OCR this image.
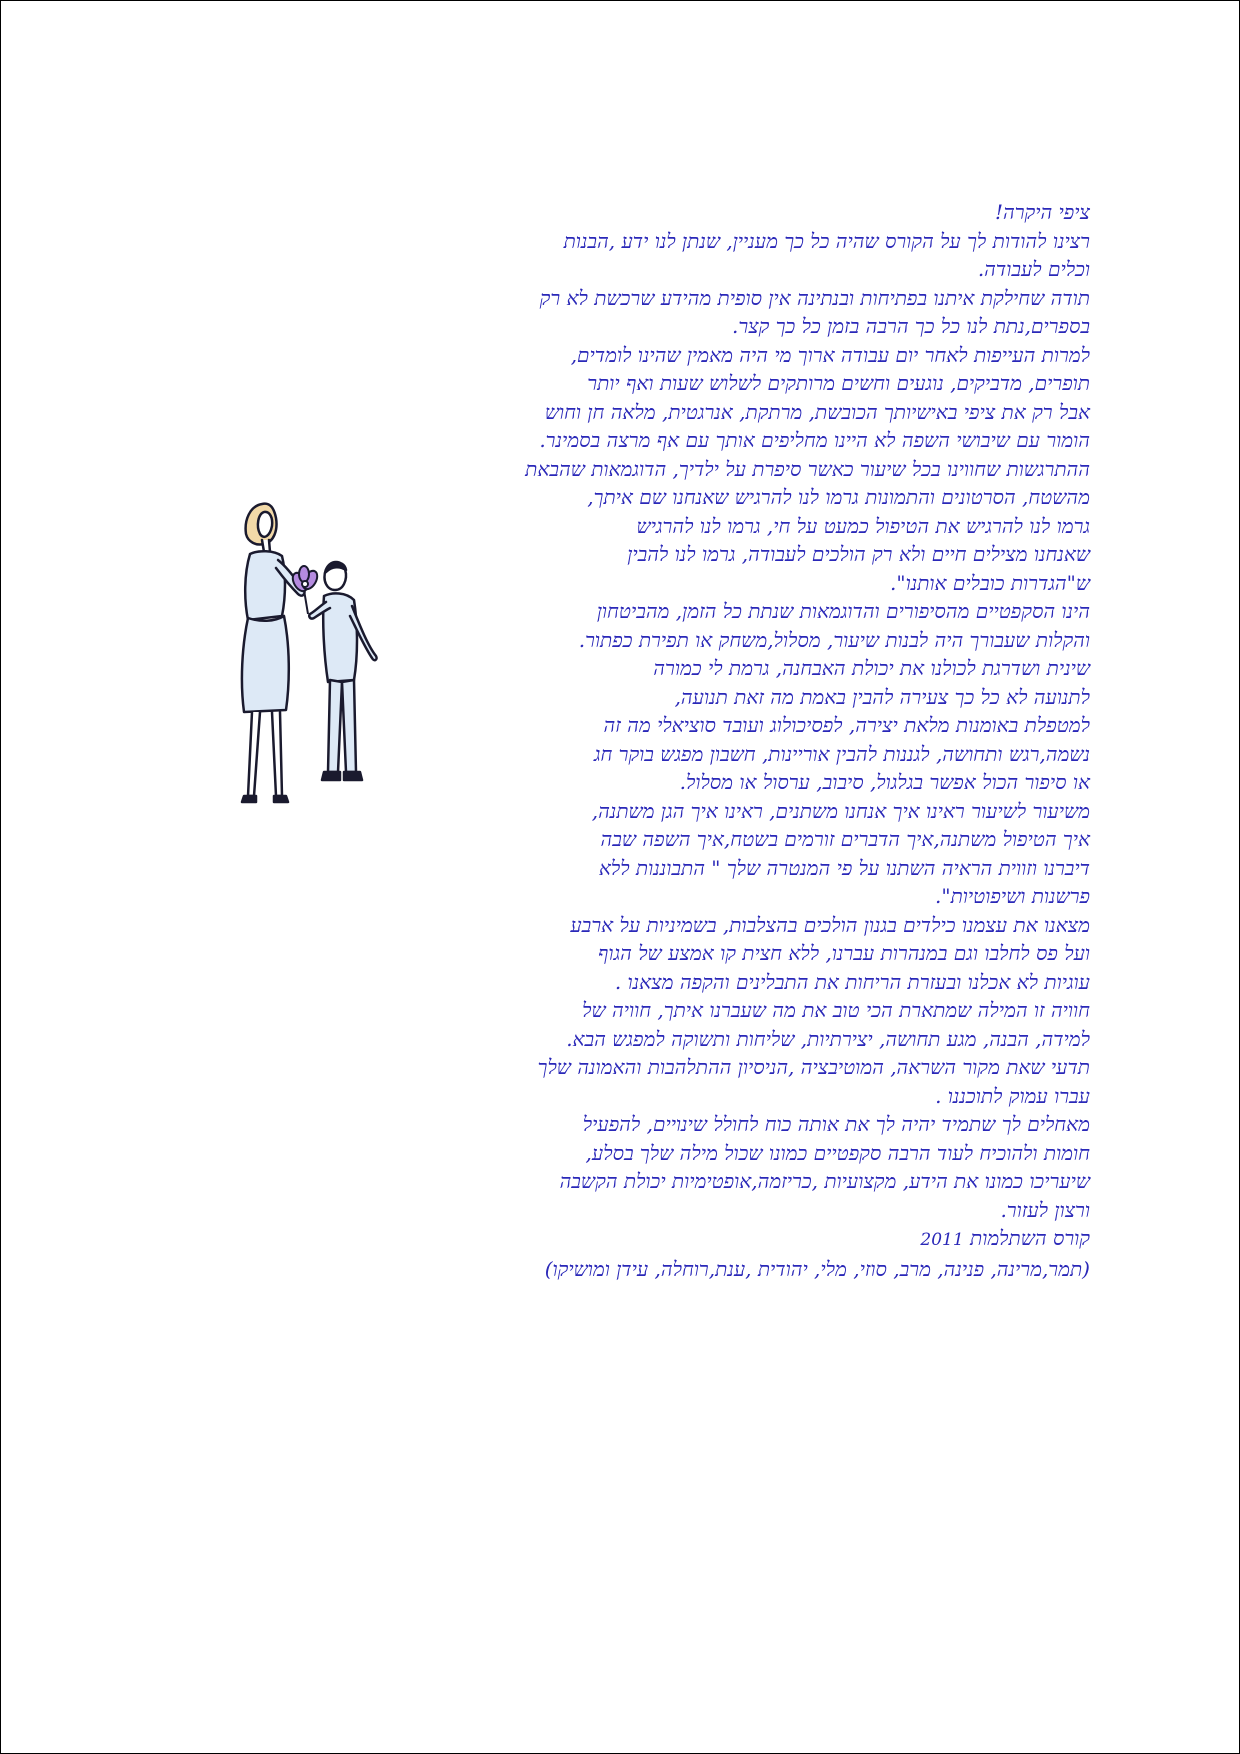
ציפי היקרה!
רצינו להודות לך על הקורס שהיה כל כך מעניין, שנתן לנו ידע ,הבנות
וכלים לעבודה.
תודה שחילקת איתנו בפתיחות ובנתינה אין סופית מהידע שרכשת לא רק
בספרים,נתת לנו כל כך הרבה בזמן כל כך קצר.
למרות העייפות לאחר יום עבודה ארוך מי היה מאמין שהינו לומדים,
תופרים, מדביקים, נוגעים וחשים מרותקים לשלוש שעות ואף יותר
אבל רק את ציפי באישיותך הכובשת, מרתקת, אנרגטית, מלאה חן וחוש
הומור עם שיבושי השפה לא היינו מחליפים אותך עם אף מרצה בסמינר.
ההתרגשות שחווינו בכל שיעור כאשר סיפרת על ילדיך, הדוגמאות שהבאת
מהשטח, הסרטונים והתמונות גרמו לנו להרגיש שאנחנו שם איתך,
גרמו לנו להרגיש את הטיפול כמעט על חי, גרמו לנו להרגיש
שאנחנו מצילים חיים ולא רק הולכים לעבודה, גרמו לנו להבין
ש"הגדרות כובלים אותנו".
הינו הסקפטיים מהסיפורים והדוגמאות שנתת כל הזמן, מהביטחון
והקלות שעבורך היה לבנות שיעור, מסלול,משחק או תפירת כפתור.
שינית ושדרגת לכולנו את יכולת האבחנה, גרמת לי כמורה
לתנועה לא כל כך צעירה להבין באמת מה זאת תנועה,
למטפלת באומנות מלאת יצירה, לפסיכולוג ועובד סוציאלי מה זה
נשמה,רגש ותחושה, לגננות להבין אוריינות, חשבון מפגש בוקר חג
או סיפור הכול אפשר בגלגול, סיבוב, ערסול או מסלול.
משיעור לשיעור ראינו איך אנחנו משתנים, ראינו איך הגן משתנה,
איך הטיפול משתנה,איך הדברים זורמים בשטח,איך השפה שבה
דיברנו וזווית הראיה השתנו על פי המנטרה שלך " התבוננות ללא
פרשנות ושיפוטיות".
מצאנו את עצמנו כילדים בגנון הולכים בהצלבות, בשמיניות על ארבע
ועל פס לחלבו וגם במנהרות עברנו, ללא חצית קו אמצע של הגוף
עוגיות לא אכלנו ובעזרת הריחות את התבלינים והקפה מצאנו .
חוויה זו המילה שמתארת הכי טוב את מה שעברנו איתך, חוויה של
למידה, הבנה, מגע תחושה, יצירתיות, שליחות ותשוקה למפגש הבא.
תדעי שאת מקור השראה, המוטיבציה ,הניסיון ההתלהבות והאמונה שלך
עברו עמוק לתוכננו .
מאחלים לך שתמיד יהיה לך את אותה כוח לחולל שינויים, להפעיל
חומות ולהוכיח לעוד הרבה סקפטיים כמונו שכול מילה שלך בסלע,
שיעריכו כמונו את הידע, מקצועיות ,כריזמה,אופטימיות יכולת הקשבה
ורצון לעזור.
קורס השתלמות 2011
(תמר,מרינה, פנינה, מרב, סוזי, מלי, יהודית ,ענת,רוחלה, עידן ומושיקו)
